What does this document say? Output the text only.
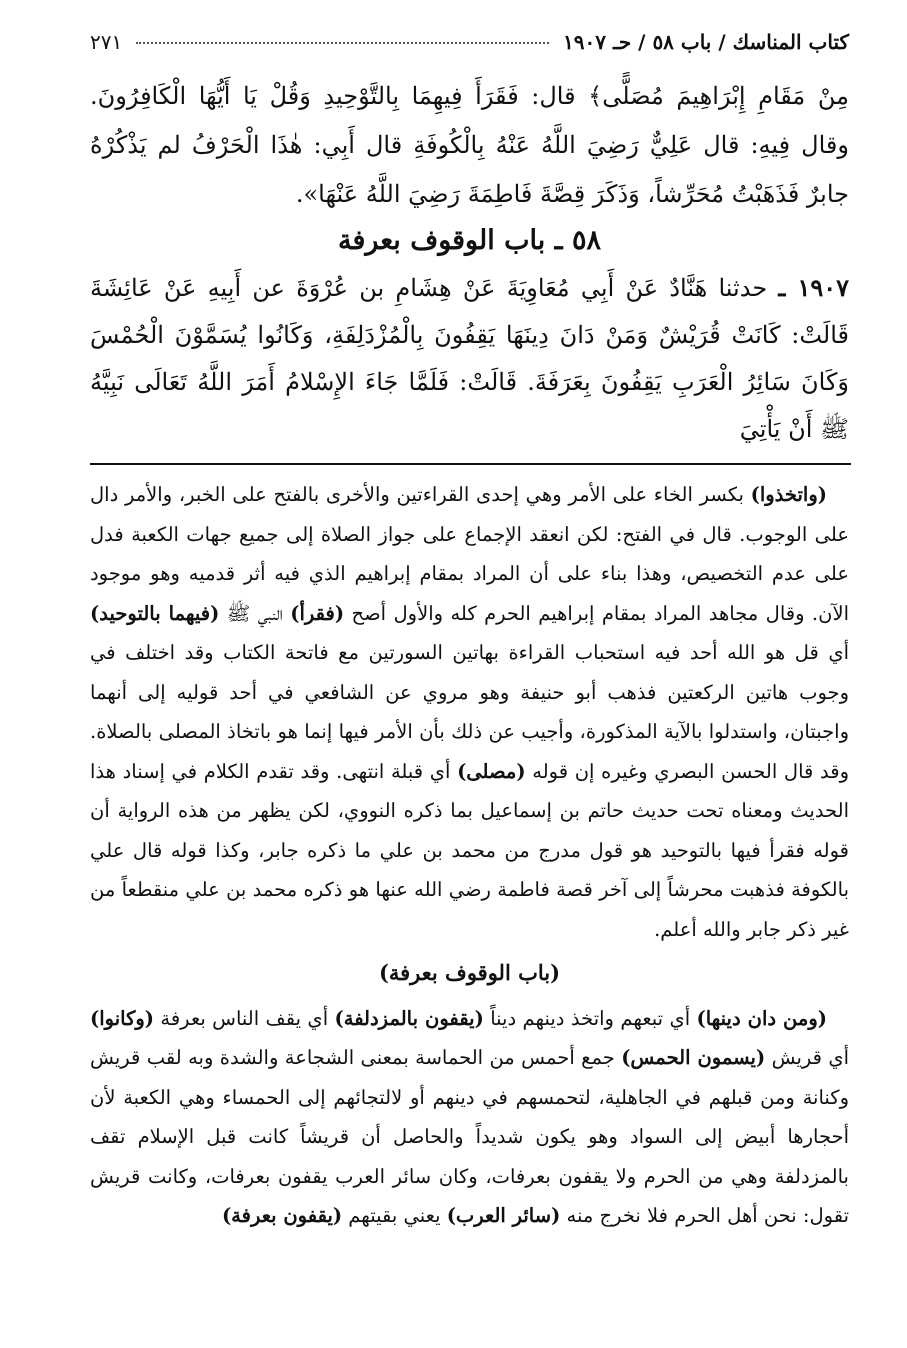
كتاب المناسك / باب ٥٨ / حـ ١٩٠٧
٢٧١
مِنْ مَقَامِ إِبْرَاهِيمَ مُصَلًّى﴾ قال: فَقَرَأَ فِيهِمَا بِالتَّوْحِيدِ وَقُلْ يَا أَيُّهَا الْكَافِرُونَ. وقال فِيهِ: قال عَلِيٌّ رَضِيَ اللَّهُ عَنْهُ بِالْكُوفَةِ قال أَبِي: هٰذَا الْحَرْفُ لم يَذْكُرْهُ جابرٌ فَذَهَبْتُ مُحَرِّشاً، وَذَكَرَ قِصَّةَ فَاطِمَةَ رَضِيَ اللَّهُ عَنْهَا».
٥٨ ـ باب الوقوف بعرفة
١٩٠٧ ـ حدثنا هَنَّادٌ عَنْ أَبِي مُعَاوِيَةَ عَنْ هِشَامِ بن عُرْوَةَ عن أَبِيهِ عَنْ عَائِشَةَ قَالَتْ: كَانَتْ قُرَيْشٌ وَمَنْ دَانَ دِينَهَا يَقِفُونَ بِالْمُزْدَلِفَةِ، وَكَانُوا يُسَمَّوْنَ الْحُمْسَ وَكَانَ سَائِرُ الْعَرَبِ يَقِفُونَ بِعَرَفَةَ. قَالَتْ: فَلَمَّا جَاءَ الإِسْلامُ أَمَرَ اللَّهُ تَعَالَى نَبِيَّهُ ﷺ أَنْ يَأْتِيَ

(واتخذوا) بكسر الخاء على الأمر وهي إحدى القراءتين والأخرى بالفتح على الخبر، والأمر دال على الوجوب. قال في الفتح: لكن انعقد الإجماع على جواز الصلاة إلى جميع جهات الكعبة فدل على عدم التخصيص، وهذا بناء على أن المراد بمقام إبراهيم الذي فيه أثر قدميه وهو موجود الآن. وقال مجاهد المراد بمقام إبراهيم الحرم كله والأول أصح (فقرأ) النبي ﷺ (فيهما بالتوحيد) أي قل هو الله أحد فيه استحباب القراءة بهاتين السورتين مع فاتحة الكتاب وقد اختلف في وجوب هاتين الركعتين فذهب أبو حنيفة وهو مروي عن الشافعي في أحد قوليه إلى أنهما واجبتان، واستدلوا بالآية المذكورة، وأجيب عن ذلك بأن الأمر فيها إنما هو باتخاذ المصلى بالصلاة. وقد قال الحسن البصري وغيره إن قوله (مصلى) أي قبلة انتهى. وقد تقدم الكلام في إسناد هذا الحديث ومعناه تحت حديث حاتم بن إسماعيل بما ذكره النووي، لكن يظهر من هذه الرواية أن قوله فقرأ فيها بالتوحيد هو قول مدرج من محمد بن علي ما ذكره جابر، وكذا قوله قال علي بالكوفة فذهبت محرشاً إلى آخر قصة فاطمة رضي الله عنها هو ذكره محمد بن علي منقطعاً من غير ذكر جابر والله أعلم.

(باب الوقوف بعرفة)

(ومن دان دينها) أي تبعهم واتخذ دينهم ديناً (يقفون بالمزدلفة) أي يقف الناس بعرفة (وكانوا) أي قريش (يسمون الحمس) جمع أحمس من الحماسة بمعنى الشجاعة والشدة وبه لقب قريش وكنانة ومن قبلهم في الجاهلية، لتحمسهم في دينهم أو لالتجائهم إلى الحمساء وهي الكعبة لأن أحجارها أبيض إلى السواد وهو يكون شديداً والحاصل أن قريشاً كانت قبل الإسلام تقف بالمزدلفة وهي من الحرم ولا يقفون بعرفات، وكان سائر العرب يقفون بعرفات، وكانت قريش تقول: نحن أهل الحرم فلا نخرج منه (سائر العرب) يعني بقيتهم (يقفون بعرفة)
